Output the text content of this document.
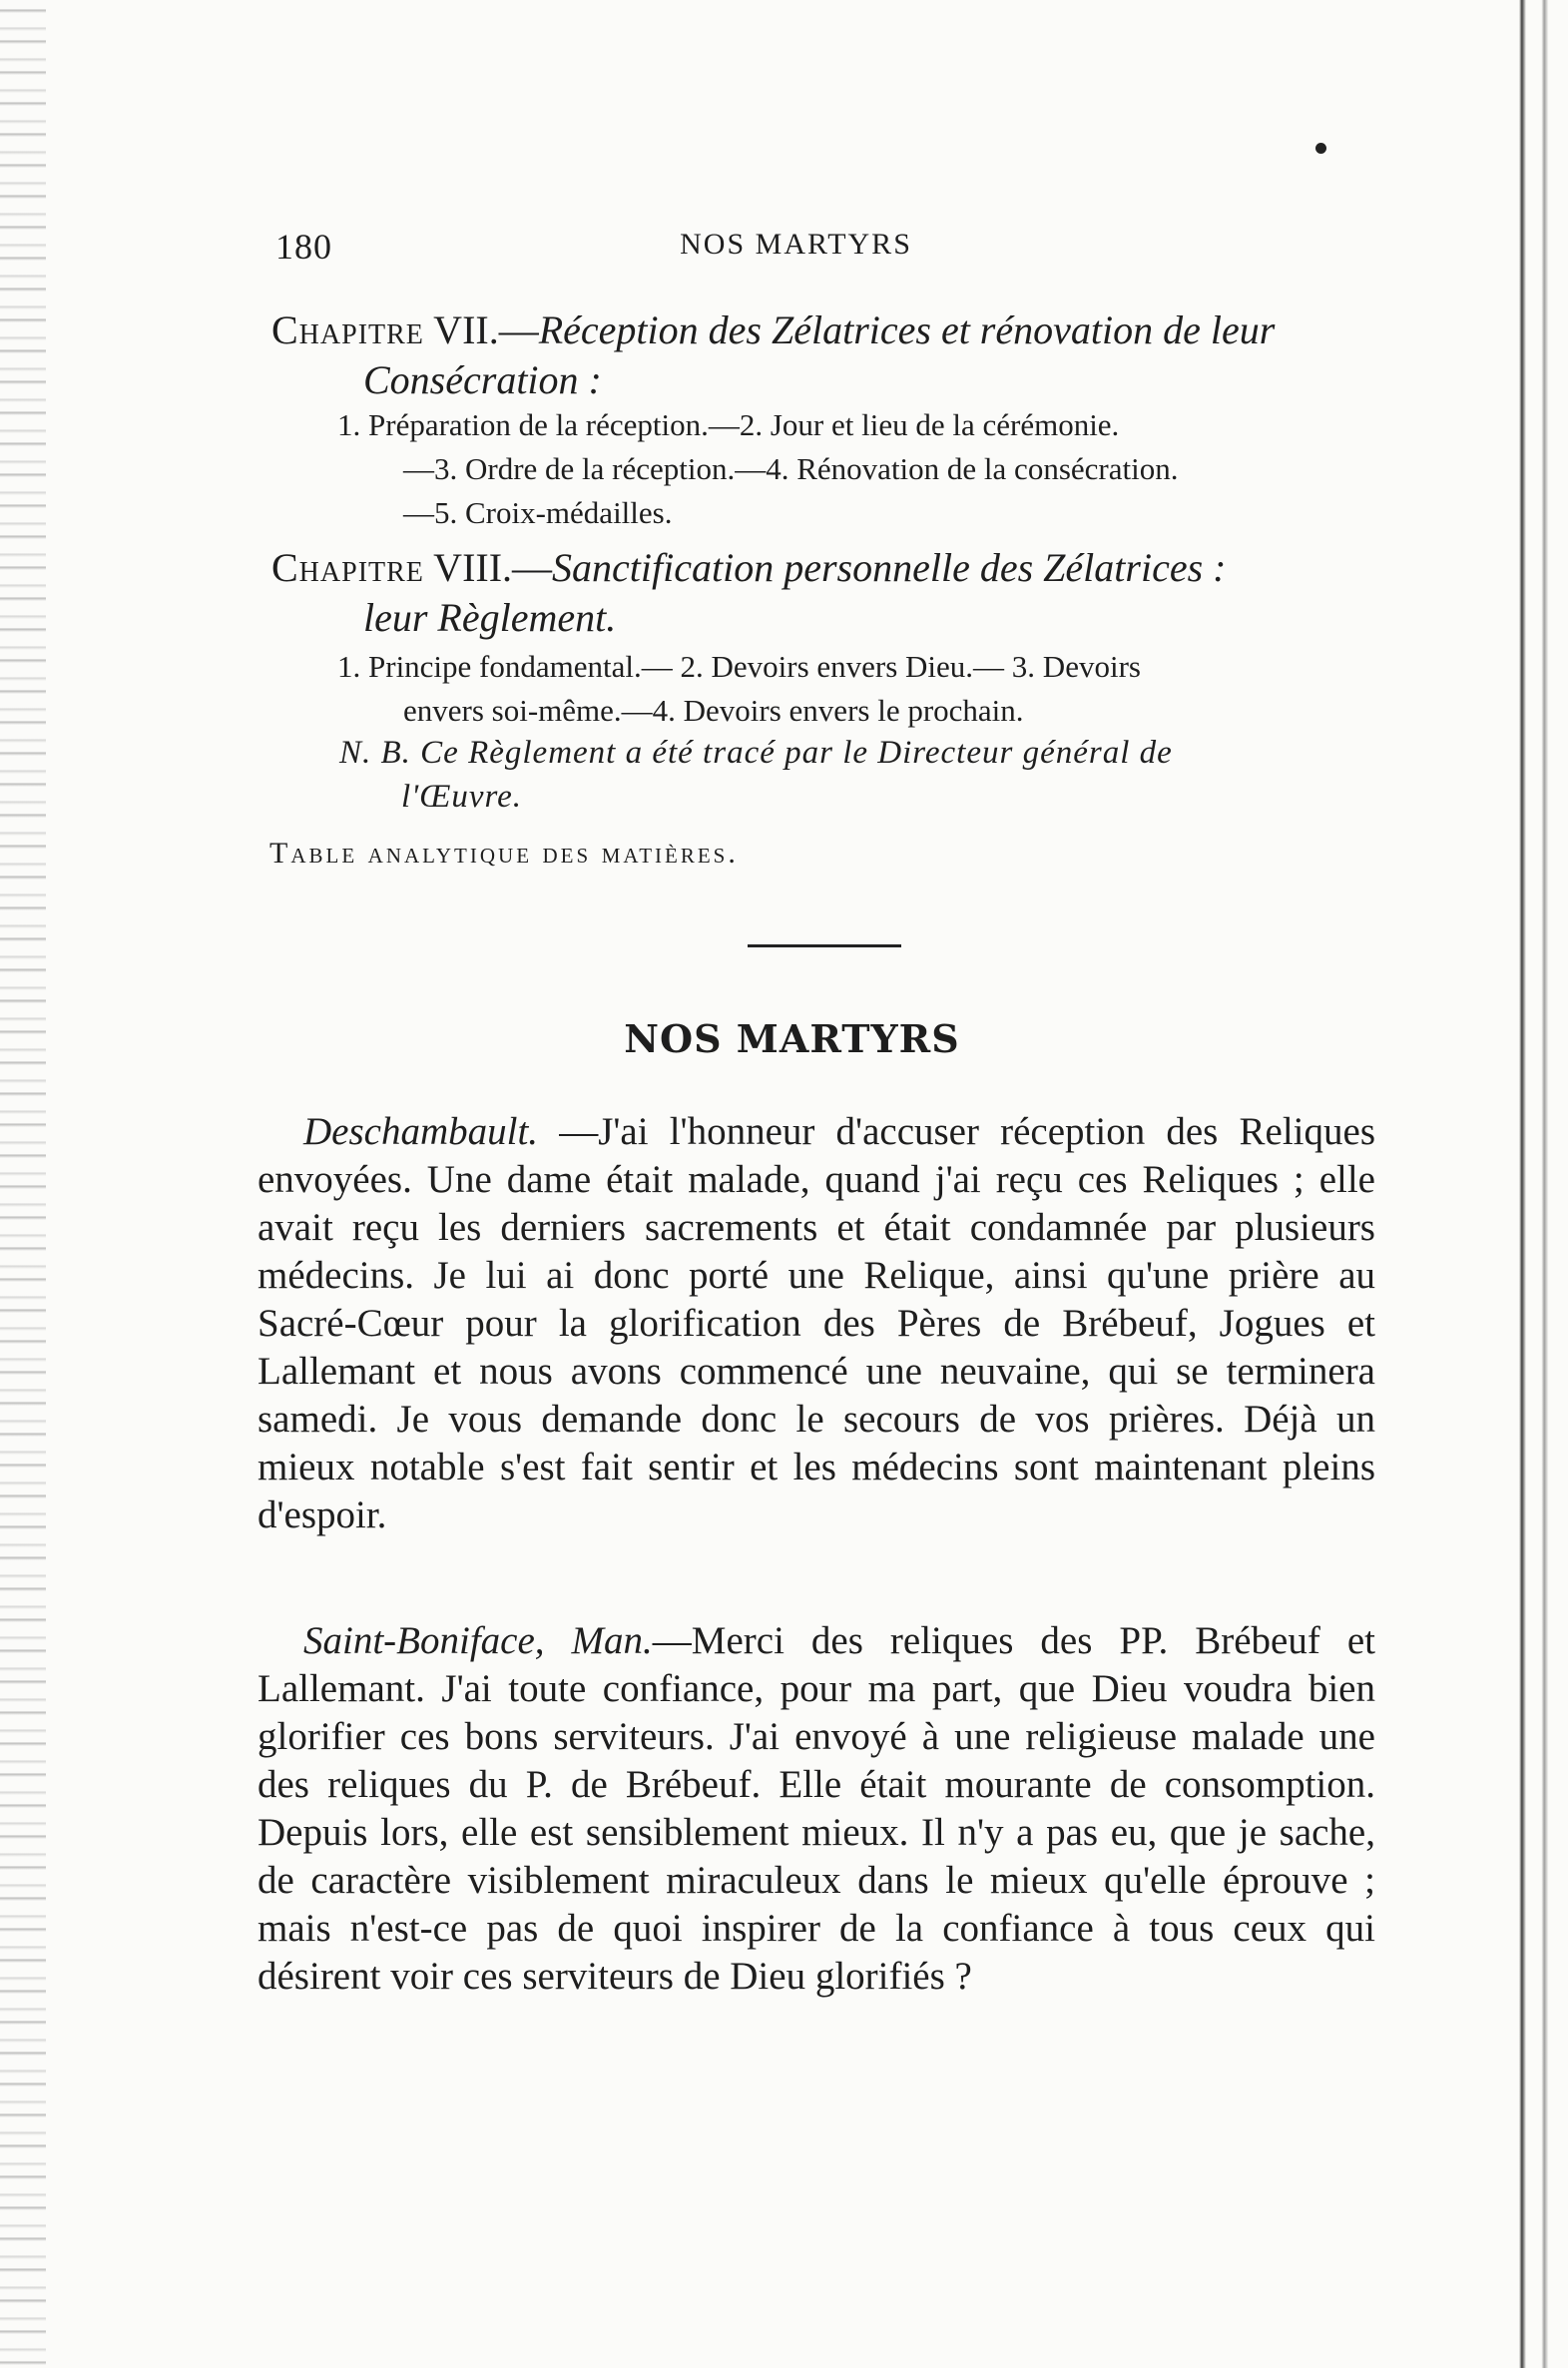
180	NOS MARTYRS
Chapitre VII.—Réception des Zélatrices et rénovation de leur
Consécration :
1. Préparation de la réception.—2. Jour et lieu de la cérémonie.
—3. Ordre de la réception.—4. Rénovation de la consécration.
—5. Croix-médailles.
Chapitre VIII.—Sanctification personnelle des Zélatrices :
leur Règlement.
1. Principe fondamental.— 2. Devoirs envers Dieu.— 3. Devoirs
envers soi-même.—4. Devoirs envers le prochain.
N. B. Ce Règlement a été tracé par le Directeur général de
l'Œuvre.
Table analytique des matières.
NOS MARTYRS
Deschambault. —J'ai l'honneur d'accuser réception des Reliques envoyées. Une dame était malade, quand j'ai reçu ces Reliques ; elle avait reçu les derniers sacrements et était condamnée par plusieurs médecins. Je lui ai donc porté une Relique, ainsi qu'une prière au Sacré-Cœur pour la glorification des Pères de Brébeuf, Jogues et Lallemant et nous avons commencé une neuvaine, qui se terminera samedi. Je vous demande donc le secours de vos prières. Déjà un mieux notable s'est fait sentir et les médecins sont maintenant pleins d'espoir.
Saint-Boniface, Man.—Merci des reliques des PP. Brébeuf et Lallemant. J'ai toute confiance, pour ma part, que Dieu voudra bien glorifier ces bons serviteurs. J'ai envoyé à une religieuse malade une des reliques du P. de Brébeuf. Elle était mourante de consomption. Depuis lors, elle est sensiblement mieux. Il n'y a pas eu, que je sache, de caractère visiblement miraculeux dans le mieux qu'elle éprouve ; mais n'est-ce pas de quoi inspirer de la confiance à tous ceux qui désirent voir ces serviteurs de Dieu glorifiés ?
